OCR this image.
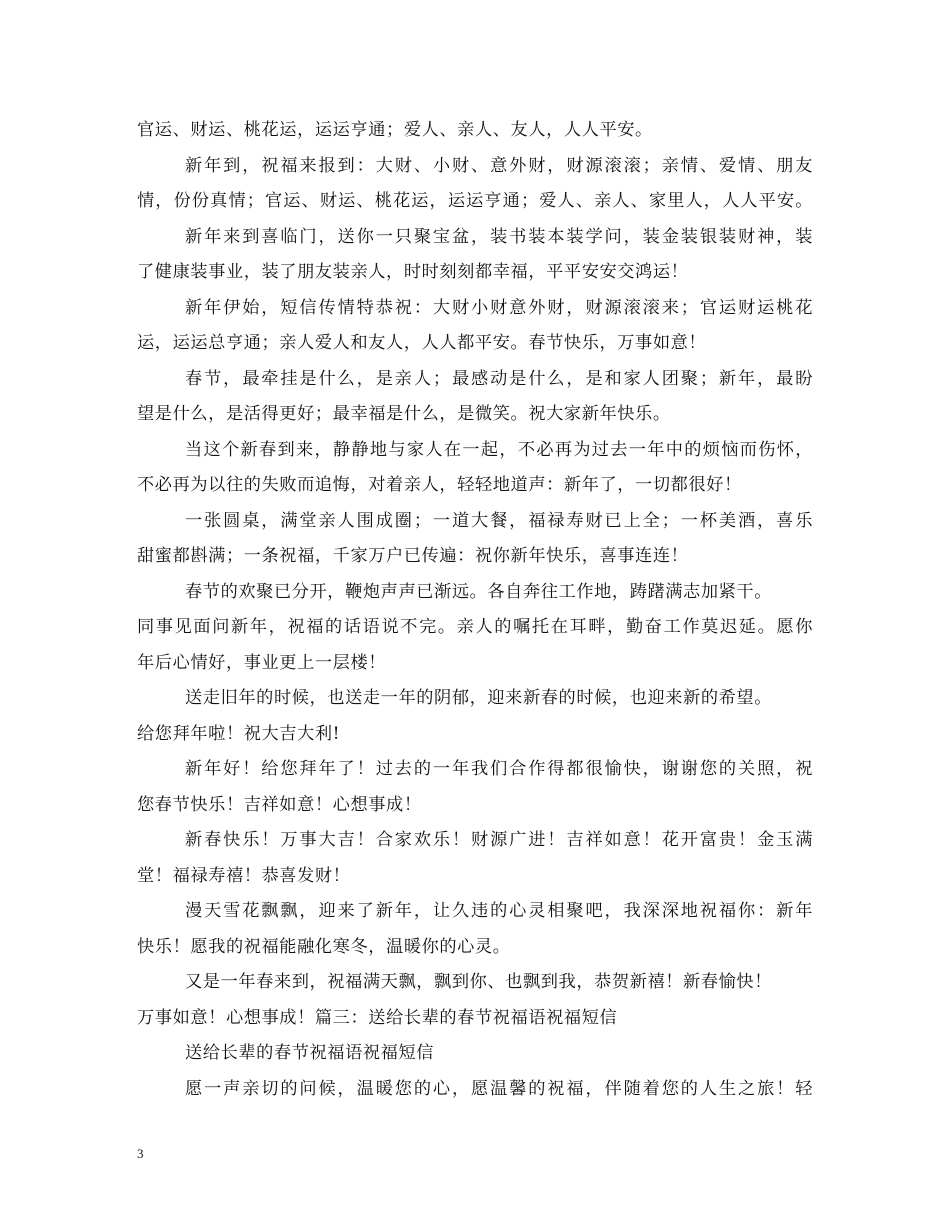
官运、财运、桃花运，运运亨通；爱人、亲人、友人，人人平安。
新年到，祝福来报到：大财、小财、意外财，财源滚滚；亲情、爱情、朋友
情，份份真情；官运、财运、桃花运，运运亨通；爱人、亲人、家里人，人人平安。
新年来到喜临门，送你一只聚宝盆，装书装本装学问，装金装银装财神，装
了健康装事业，装了朋友装亲人，时时刻刻都幸福，平平安安交鸿运！
新年伊始，短信传情特恭祝：大财小财意外财，财源滚滚来；官运财运桃花
运，运运总亨通；亲人爱人和友人，人人都平安。春节快乐，万事如意！
春节，最牵挂是什么，是亲人；最感动是什么，是和家人团聚；新年，最盼
望是什么，是活得更好；最幸福是什么，是微笑。祝大家新年快乐。
当这个新春到来，静静地与家人在一起，不必再为过去一年中的烦恼而伤怀，
不必再为以往的失败而追悔，对着亲人，轻轻地道声：新年了，一切都很好！
一张圆桌，满堂亲人围成圈；一道大餐，福禄寿财已上全；一杯美酒，喜乐
甜蜜都斟满；一条祝福，千家万户已传遍：祝你新年快乐，喜事连连！
春节的欢聚已分开，鞭炮声声已渐远。各自奔往工作地，踌躇满志加紧干。
同事见面问新年，祝福的话语说不完。亲人的嘱托在耳畔，勤奋工作莫迟延。愿你
年后心情好，事业更上一层楼！
送走旧年的时候，也送走一年的阴郁，迎来新春的时候，也迎来新的希望。
给您拜年啦！祝大吉大利!
新年好！给您拜年了！过去的一年我们合作得都很愉快，谢谢您的关照，祝
您春节快乐！吉祥如意！心想事成！
新春快乐！万事大吉！合家欢乐！财源广进！吉祥如意！花开富贵！金玉满
堂！福禄寿禧！恭喜发财！
漫天雪花飘飘，迎来了新年，让久违的心灵相聚吧，我深深地祝福你：新年
快乐！愿我的祝福能融化寒冬，温暖你的心灵。
又是一年春来到，祝福满天飘，飘到你、也飘到我，恭贺新禧！新春愉快！
万事如意！心想事成！篇三：送给长辈的春节祝福语祝福短信
送给长辈的春节祝福语祝福短信
愿一声亲切的问候，温暖您的心，愿温馨的祝福，伴随着您的人生之旅！轻
3
